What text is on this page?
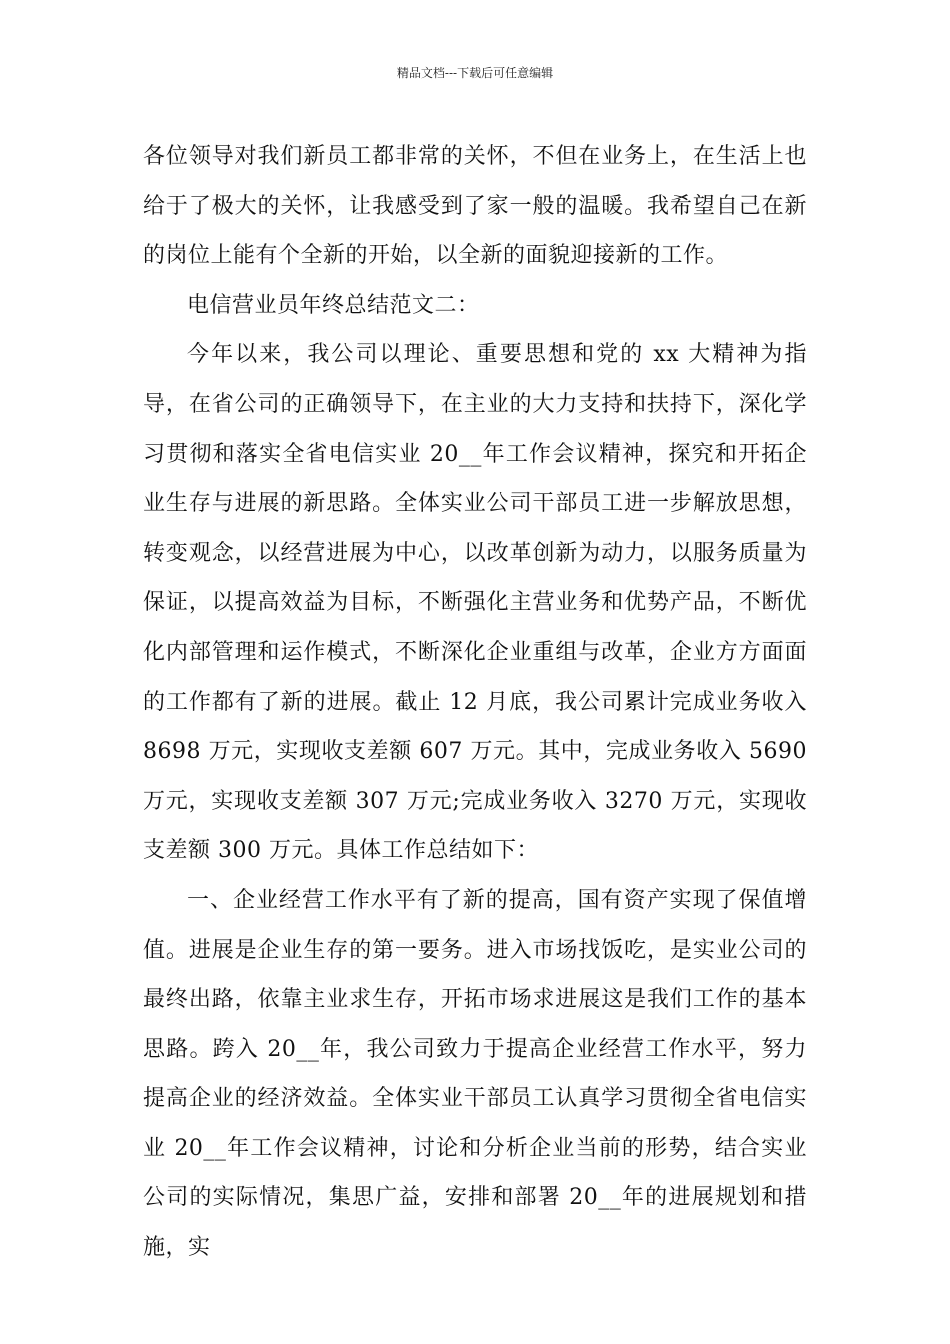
精品文档---下载后可任意编辑

各位领导对我们新员工都非常的关怀，不但在业务上，在生活上也给于了极大的关怀，让我感受到了家一般的温暖。我希望自己在新的岗位上能有个全新的开始，以全新的面貌迎接新的工作。

电信营业员年终总结范文二：

今年以来，我公司以理论、重要思想和党的 xx 大精神为指导，在省公司的正确领导下，在主业的大力支持和扶持下，深化学习贯彻和落实全省电信实业 20__年工作会议精神，探究和开拓企业生存与进展的新思路。全体实业公司干部员工进一步解放思想，转变观念，以经营进展为中心，以改革创新为动力，以服务质量为保证，以提高效益为目标，不断强化主营业务和优势产品，不断优化内部管理和运作模式，不断深化企业重组与改革，企业方方面面的工作都有了新的进展。截止 12 月底，我公司累计完成业务收入 8698 万元，实现收支差额 607 万元。其中，完成业务收入 5690 万元，实现收支差额 307 万元;完成业务收入 3270 万元，实现收支差额 300 万元。具体工作总结如下：

一、企业经营工作水平有了新的提高，国有资产实现了保值增值。进展是企业生存的第一要务。进入市场找饭吃，是实业公司的最终出路，依靠主业求生存，开拓市场求进展这是我们工作的基本思路。跨入 20__年，我公司致力于提高企业经营工作水平，努力提高企业的经济效益。全体实业干部员工认真学习贯彻全省电信实业 20__年工作会议精神，讨论和分析企业当前的形势，结合实业公司的实际情况，集思广益，安排和部署 20__年的进展规划和措施，实
